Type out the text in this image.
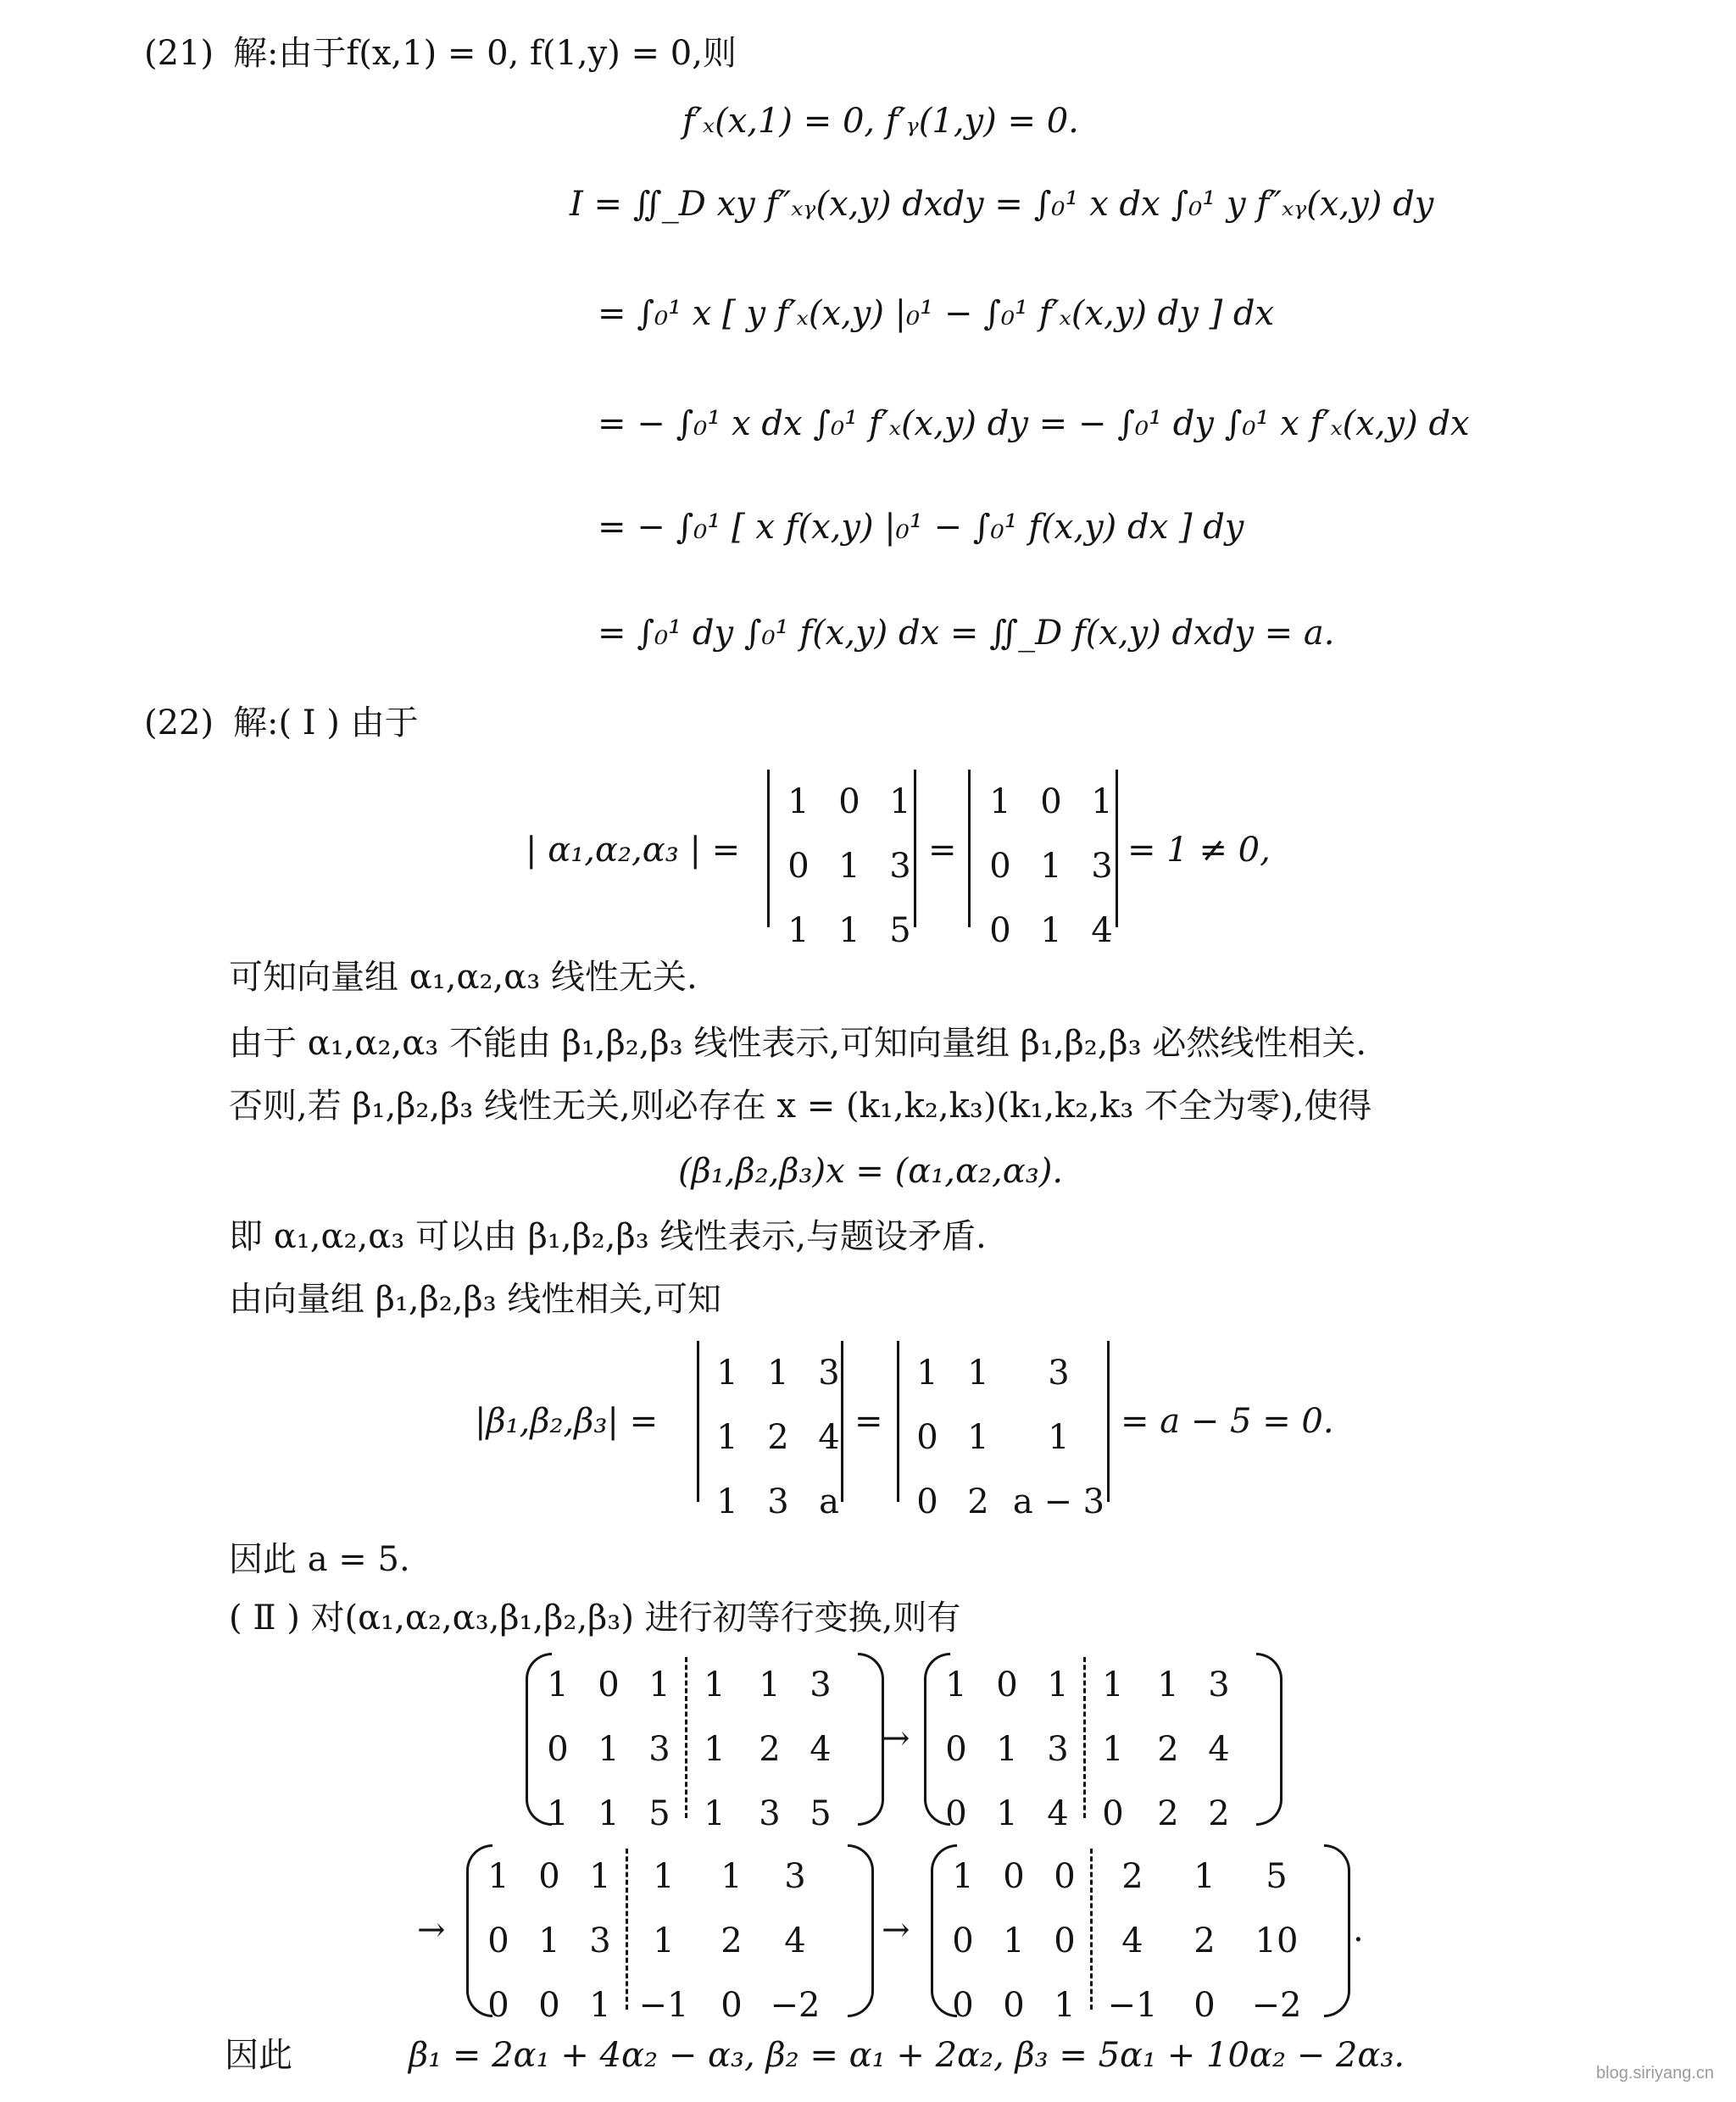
(21) 解:由于f(x,1) = 0, f(1,y) = 0,则
f′ₓ(x,1) = 0, f′ᵧ(1,y) = 0.
I = ∬_D xy f″ₓᵧ(x,y) dxdy = ∫₀¹ x dx ∫₀¹ y f″ₓᵧ(x,y) dy
= ∫₀¹ x [ y f′ₓ(x,y) |₀¹ − ∫₀¹ f′ₓ(x,y) dy ] dx
= − ∫₀¹ x dx ∫₀¹ f′ₓ(x,y) dy = − ∫₀¹ dy ∫₀¹ x f′ₓ(x,y) dx
= − ∫₀¹ [ x f(x,y) |₀¹ − ∫₀¹ f(x,y) dx ] dy
= ∫₀¹ dy ∫₀¹ f(x,y) dx = ∬_D f(x,y) dxdy = a.
(22) 解:( I ) 由于
| α₁,α₂,α₃ | =
1 0 1
0 1 3
1 1 5
=
1 0 1
0 1 3
0 1 4
= 1 ≠ 0,
可知向量组 α₁,α₂,α₃ 线性无关.
由于 α₁,α₂,α₃ 不能由 β₁,β₂,β₃ 线性表示,可知向量组 β₁,β₂,β₃ 必然线性相关.
否则,若 β₁,β₂,β₃ 线性无关,则必存在 x = (k₁,k₂,k₃)(k₁,k₂,k₃ 不全为零),使得
(β₁,β₂,β₃)x = (α₁,α₂,α₃).
即 α₁,α₂,α₃ 可以由 β₁,β₂,β₃ 线性表示,与题设矛盾.
由向量组 β₁,β₂,β₃ 线性相关,可知
|β₁,β₂,β₃| =
1 1 3
1 2 4
1 3 a
=
1 1	3
0 1	1
0 2 a − 3
= a − 5 = 0.
因此 a = 5.
( Ⅱ ) 对(α₁,α₂,α₃,β₁,β₂,β₃) 进行初等行变换,则有
1 0 1 1 1 3
0 1 3 1 2 4
1 1 5 1 3 5
→
1 0 1 1 1 3
0 1 3 1 2 4
0 1 4 0 2 2
→
1 0 1	1	1	3
0 1 3	1	2	4
0 0 1 −1 0 −2
→
1 0 0	2	1	5
0 1 0	4	2	10
0 0 1 −1	0	−2
.
因此	β₁ = 2α₁ + 4α₂ − α₃, β₂ = α₁ + 2α₂, β₃ = 5α₁ + 10α₂ − 2α₃.	blog.siriyang.cn
